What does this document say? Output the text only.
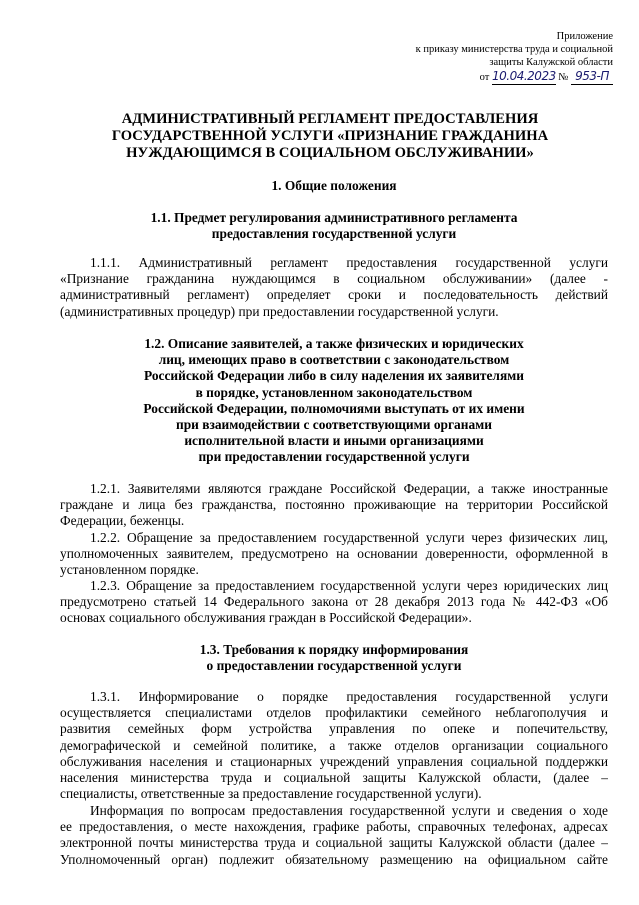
Приложение
к приказу министерства труда и социальной
защиты Калужской области
от 10.04.2023 № 953-П
АДМИНИСТРАТИВНЫЙ РЕГЛАМЕНТ ПРЕДОСТАВЛЕНИЯ
ГОСУДАРСТВЕННОЙ УСЛУГИ «ПРИЗНАНИЕ ГРАЖДАНИНА
НУЖДАЮЩИМСЯ В СОЦИАЛЬНОМ ОБСЛУЖИВАНИИ»
1. Общие положения
1.1. Предмет регулирования административного регламента
предоставления государственной услуги
1.1.1. Административный регламент предоставления государственной услуги
«Признание гражданина нуждающимся в социальном обслуживании» (далее -
административный регламент) определяет сроки и последовательность действий
(административных процедур) при предоставлении государственной услуги.
1.2. Описание заявителей, а также физических и юридических
лиц, имеющих право в соответствии с законодательством
Российской Федерации либо в силу наделения их заявителями
в порядке, установленном законодательством
Российской Федерации, полномочиями выступать от их имени
при взаимодействии с соответствующими органами
исполнительной власти и иными организациями
при предоставлении государственной услуги
1.2.1. Заявителями являются граждане Российской Федерации, а также иностранные
граждане и лица без гражданства, постоянно проживающие на территории Российской
Федерации, беженцы.
1.2.2. Обращение за предоставлением государственной услуги через физических лиц,
уполномоченных заявителем, предусмотрено на основании доверенности, оформленной в
установленном порядке.
1.2.3. Обращение за предоставлением государственной услуги через юридических лиц
предусмотрено статьей 14 Федерального закона от 28 декабря 2013 года № 442-ФЗ «Об
основах социального обслуживания граждан в Российской Федерации».
1.3. Требования к порядку информирования
о предоставлении государственной услуги
1.3.1. Информирование о порядке предоставления государственной услуги
осуществляется специалистами отделов профилактики семейного неблагополучия и
развития семейных форм устройства управления по опеке и попечительству,
демографической и семейной политике, а также отделов организации социального
обслуживания населения и стационарных учреждений управления социальной поддержки
населения министерства труда и социальной защиты Калужской области, (далее –
специалисты, ответственные за предоставление государственной услуги).
Информация по вопросам предоставления государственной услуги и сведения о ходе
ее предоставления, о месте нахождения, графике работы, справочных телефонах, адресах
электронной почты министерства труда и социальной защиты Калужской области (далее –
Уполномоченный орган) подлежит обязательному размещению на официальном сайте
